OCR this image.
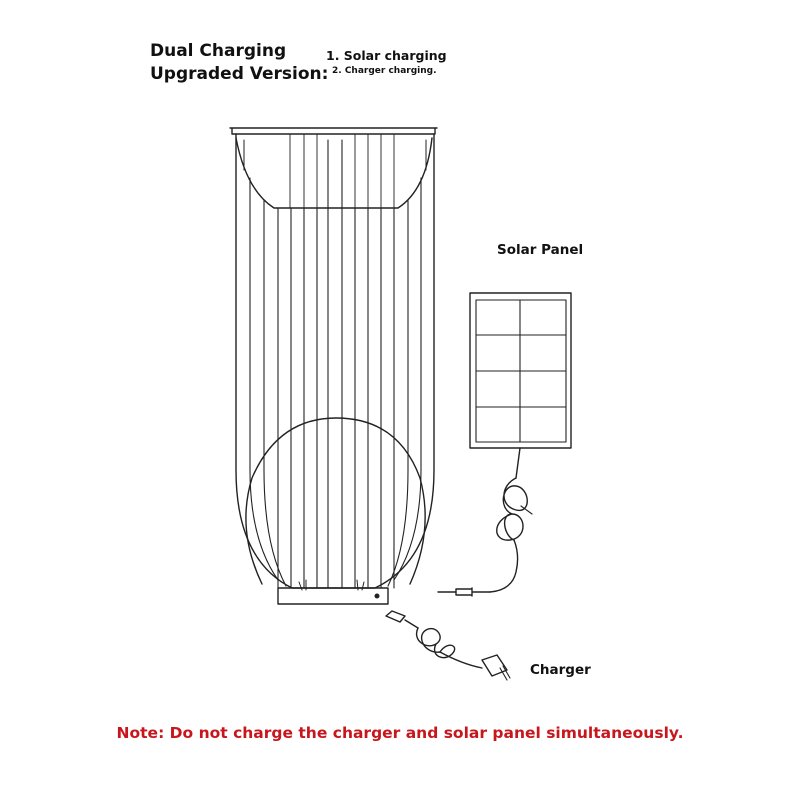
Dual Charging
Upgraded Version:
1. Solar charging
2. Charger charging.
Solar Panel
Charger
Note: Do not charge the charger and solar panel simultaneously.
